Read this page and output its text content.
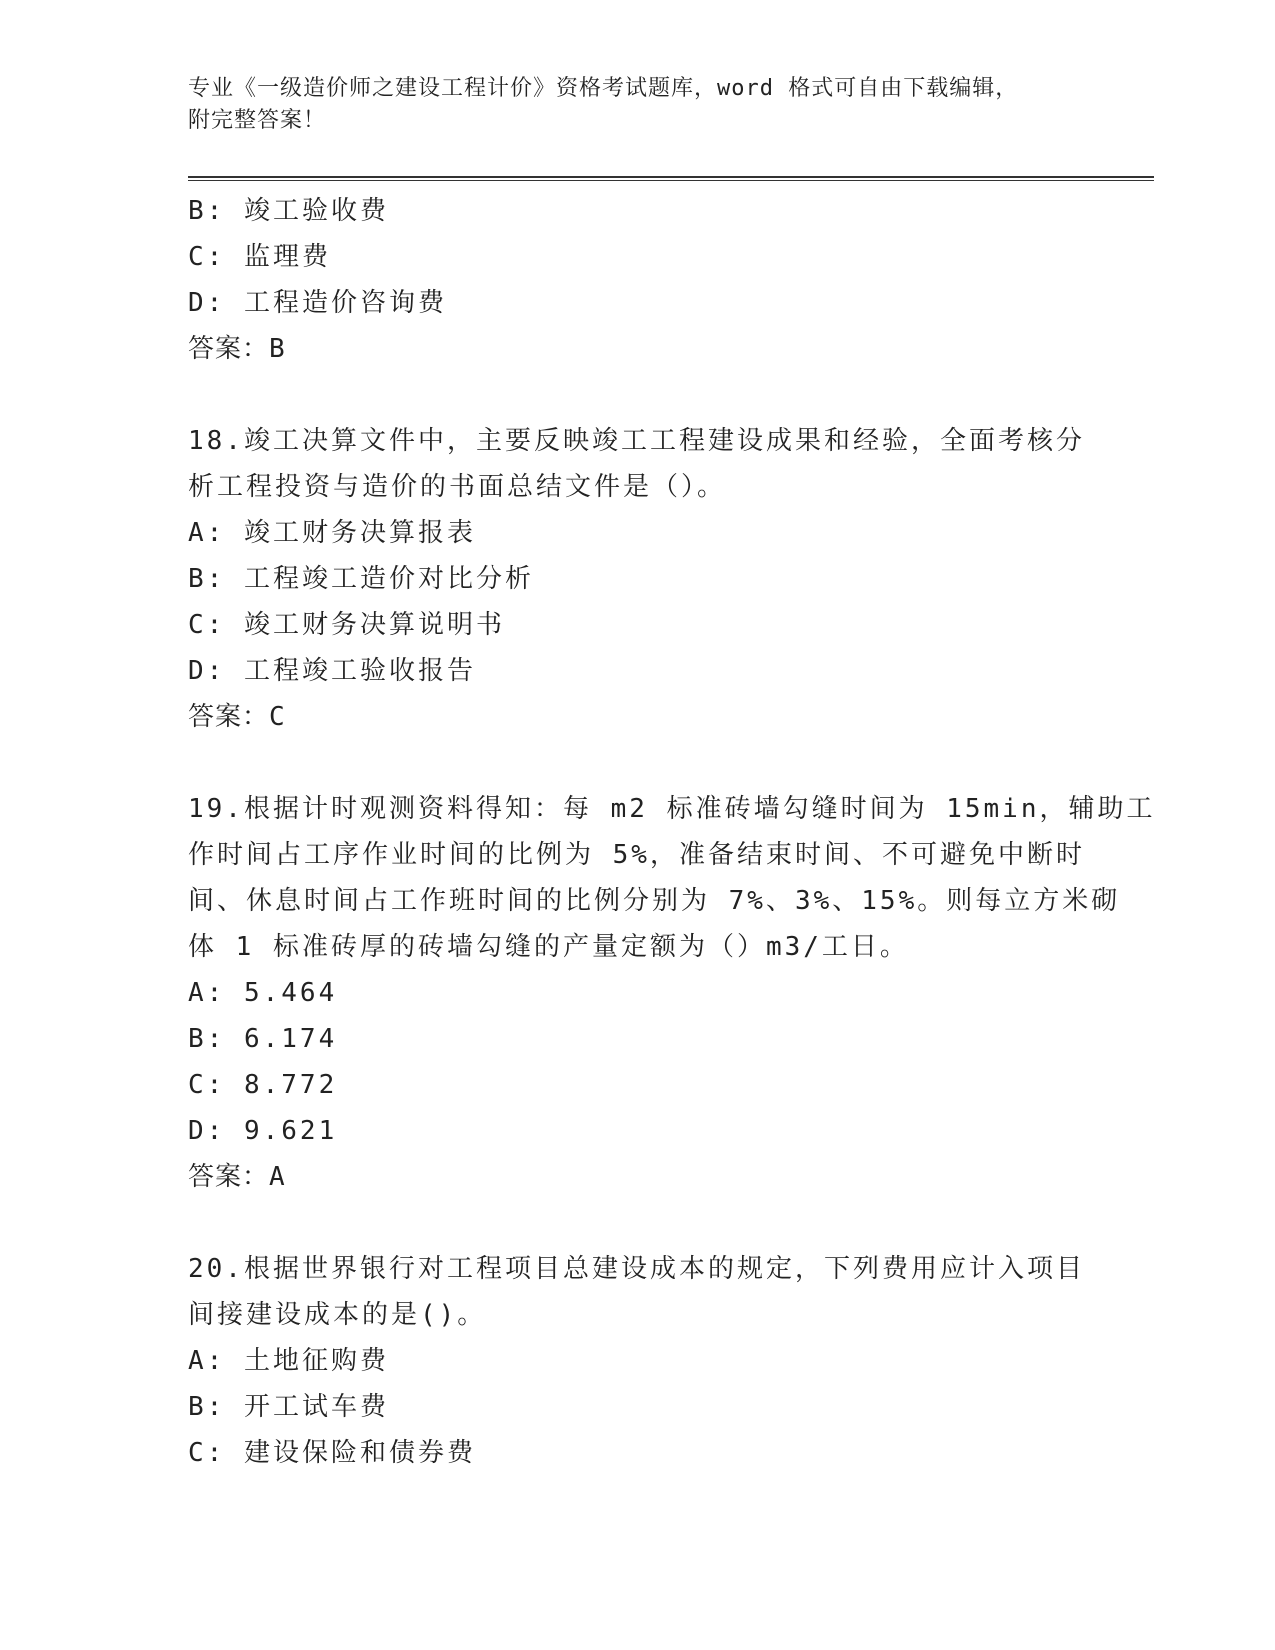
专业《一级造价师之建设工程计价》资格考试题库，word 格式可自由下载编辑，
附完整答案！
B: 竣工验收费
C: 监理费
D: 工程造价咨询费
答案：B
18.竣工决算文件中，主要反映竣工工程建设成果和经验，全面考核分
析工程投资与造价的书面总结文件是（）。
A: 竣工财务决算报表
B: 工程竣工造价对比分析
C: 竣工财务决算说明书
D: 工程竣工验收报告
答案：C
19.根据计时观测资料得知：每 m2 标准砖墙勾缝时间为 15min，辅助工
作时间占工序作业时间的比例为 5%，准备结束时间、不可避免中断时
间、休息时间占工作班时间的比例分别为 7%、3%、15%。则每立方米砌
体 1 标准砖厚的砖墙勾缝的产量定额为（）m3/工日。
A: 5.464
B: 6.174
C: 8.772
D: 9.621
答案：A
20.根据世界银行对工程项目总建设成本的规定，下列费用应计入项目
间接建设成本的是()。
A: 土地征购费
B: 开工试车费
C: 建设保险和债券费
